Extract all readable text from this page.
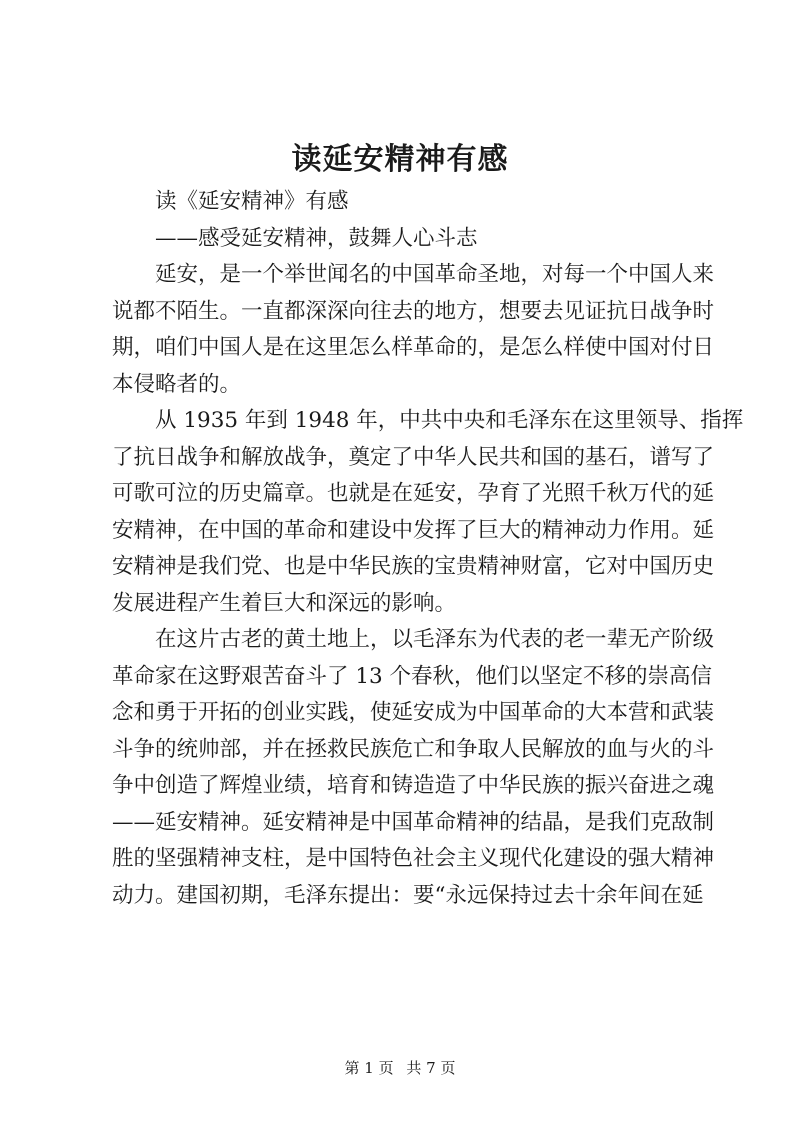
读延安精神有感

读《延安精神》有感

——感受延安精神，鼓舞人心斗志

延安，是一个举世闻名的中国革命圣地，对每一个中国人来
说都不陌生。一直都深深向往去的地方，想要去见证抗日战争时
期，咱们中国人是在这里怎么样革命的，是怎么样使中国对付日
本侵略者的。

从 1935 年到 1948 年，中共中央和毛泽东在这里领导、指挥
了抗日战争和解放战争，奠定了中华人民共和国的基石，谱写了
可歌可泣的历史篇章。也就是在延安，孕育了光照千秋万代的延
安精神，在中国的革命和建设中发挥了巨大的精神动力作用。延
安精神是我们党、也是中华民族的宝贵精神财富，它对中国历史
发展进程产生着巨大和深远的影响。

在这片古老的黄土地上，以毛泽东为代表的老一辈无产阶级
革命家在这野艰苦奋斗了 13 个春秋，他们以坚定不移的崇高信
念和勇于开拓的创业实践，使延安成为中国革命的大本营和武装
斗争的统帅部，并在拯救民族危亡和争取人民解放的血与火的斗
争中创造了辉煌业绩，培育和铸造造了中华民族的振兴奋进之魂
——延安精神。延安精神是中国革命精神的结晶，是我们克敌制
胜的坚强精神支柱，是中国特色社会主义现代化建设的强大精神
动力。建国初期，毛泽东提出：要“永远保持过去十余年间在延

第 1 页 共 7 页
